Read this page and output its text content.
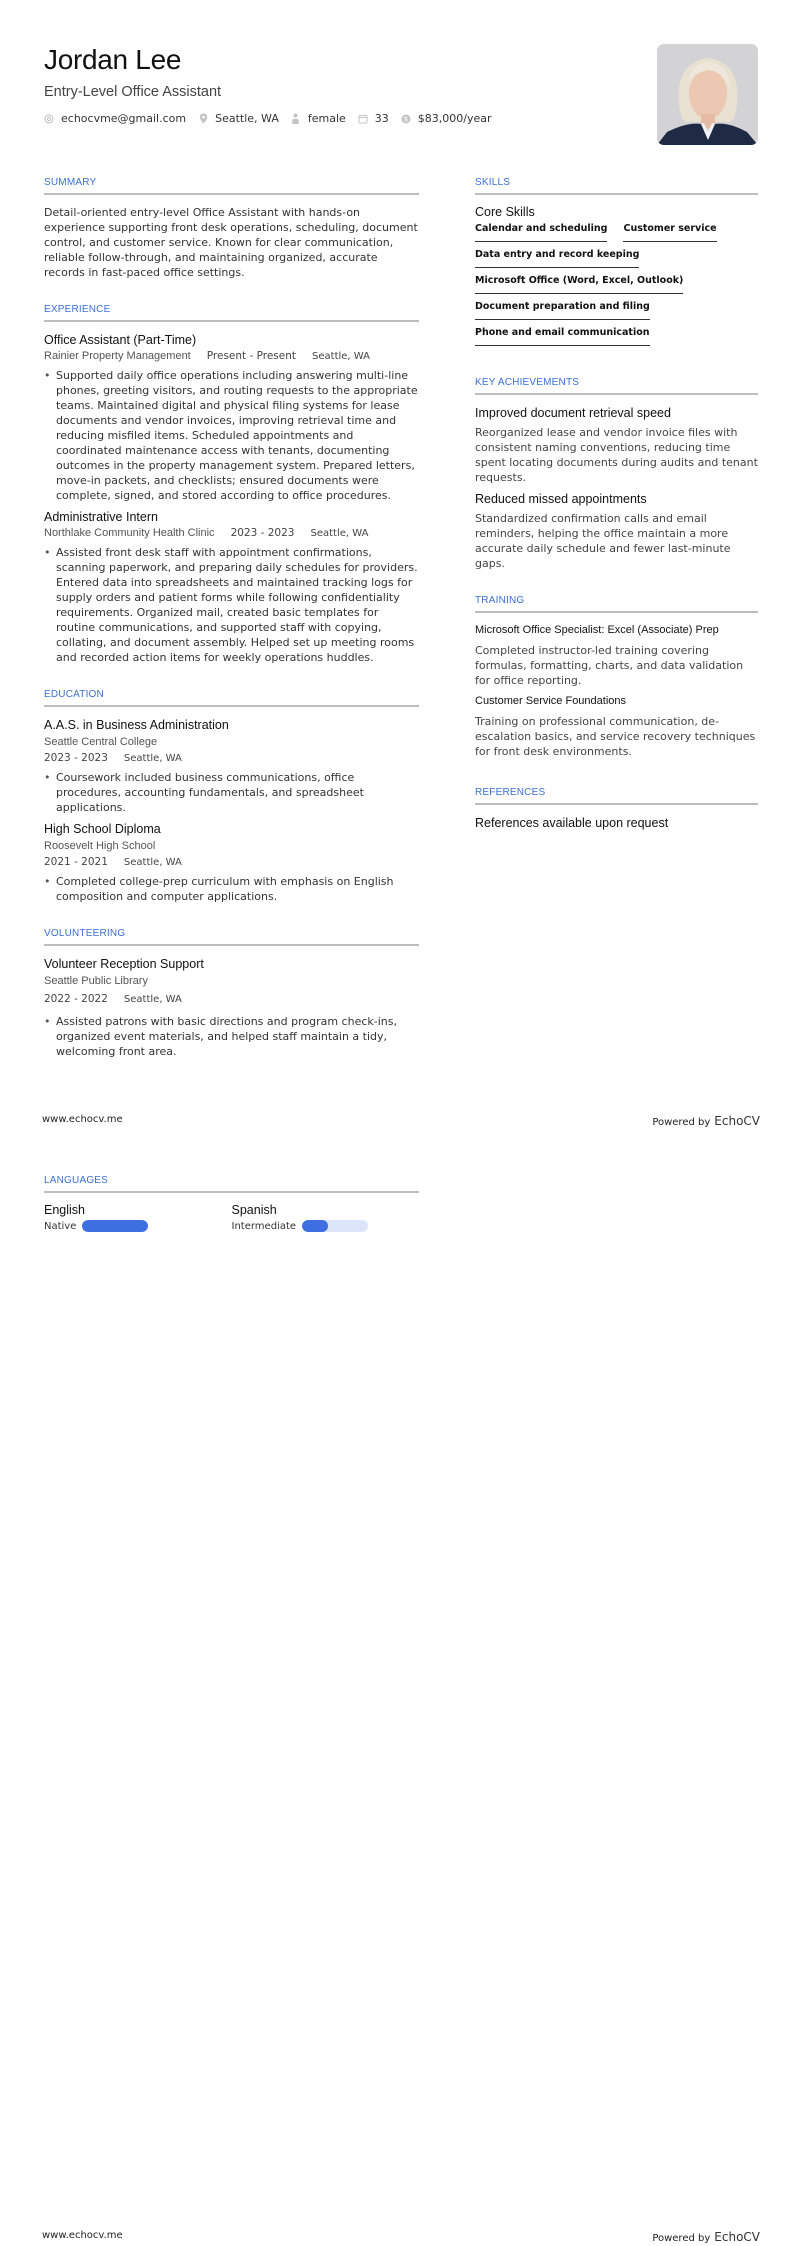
Jordan Lee
Entry-Level Office Assistant
echocvme@gmail.com	Seattle, WA	female	33 $ $83,000/year
SUMMARY

Detail-oriented entry-level Office Assistant with hands-on experience supporting front desk operations, scheduling, document control, and customer service. Known for clear communication, reliable follow-through, and maintaining organized, accurate records in fast-paced office settings.

EXPERIENCE
Office Assistant (Part-Time)
Rainier Property Management Present - Present Seattle, WA
• Supported daily office operations including answering multi-line phones, greeting visitors, and routing requests to the appropriate teams. Maintained digital and physical filing systems for lease documents and vendor invoices, improving retrieval time and reducing misfiled items. Scheduled appointments and coordinated maintenance access with tenants, documenting outcomes in the property management system. Prepared letters, move-in packets, and checklists; ensured documents were complete, signed, and stored according to office procedures.
Administrative Intern
Northlake Community Health Clinic 2023 - 2023 Seattle, WA
• Assisted front desk staff with appointment confirmations, scanning paperwork, and preparing daily schedules for providers. Entered data into spreadsheets and maintained tracking logs for supply orders and patient forms while following confidentiality requirements. Organized mail, created basic templates for routine communications, and supported staff with copying, collating, and document assembly. Helped set up meeting rooms and recorded action items for weekly operations huddles.
EDUCATION
A.A.S. in Business Administration
Seattle Central College
2023 - 2023 Seattle, WA
• Coursework included business communications, office procedures, accounting fundamentals, and spreadsheet applications.
High School Diploma
Roosevelt High School
2021 - 2021 Seattle, WA
• Completed college-prep curriculum with emphasis on English composition and computer applications.
VOLUNTEERING
Volunteer Reception Support
Seattle Public Library
2022 - 2022 Seattle, WA
• Assisted patrons with basic directions and program check-ins, organized event materials, and helped staff maintain a tidy, welcoming front area.
SKILLS
Core Skills
Calendar and scheduling Customer service
Data entry and record keeping
Microsoft Office (Word, Excel, Outlook)
Document preparation and filing
Phone and email communication
KEY ACHIEVEMENTS
Improved document retrieval speed
Reorganized lease and vendor invoice files with consistent naming conventions, reducing time spent locating documents during audits and tenant requests.
Reduced missed appointments
Standardized confirmation calls and email reminders, helping the office maintain a more accurate daily schedule and fewer last-minute gaps.
TRAINING
Microsoft Office Specialist: Excel (Associate) Prep
Completed instructor-led training covering formulas, formatting, charts, and data validation for office reporting.
Customer Service Foundations
Training on professional communication, de-escalation basics, and service recovery techniques for front desk environments.
REFERENCES
References available upon request
www.echocv.me	Powered by EchoCV
LANGUAGES
English
Native
Spanish
Intermediate
www.echocv.me	Powered by EchoCV
